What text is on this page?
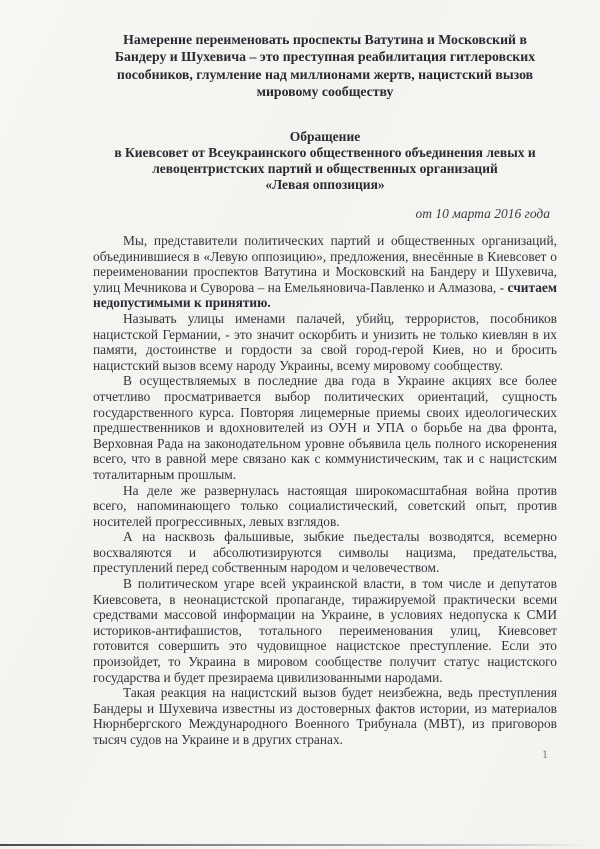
Намерение переименовать проспекты Ватутина и Московский в
Бандеру и Шухевича – это преступная реабилитация гитлеровских
пособников, глумление над миллионами жертв, нацистский вызов
мировому сообществу
Обращение
в Киевсовет от Всеукраинского общественного объединения левых и
левоцентристских партий и общественных организаций
«Левая оппозиция»
от 10 марта 2016 года

Мы, представители политических партий и общественных организаций, объединившиеся в «Левую оппозицию», предложения, внесённые в Киевсовет о переименовании проспектов Ватутина и Московский на Бандеру и Шухевича, улиц Мечникова и Суворова – на Емельяновича-Павленко и Алмазова, - считаем недопустимыми к принятию.

Называть улицы именами палачей, убийц, террористов, пособников нацистской Германии, - это значит оскорбить и унизить не только киевлян в их памяти, достоинстве и гордости за свой город-герой Киев, но и бросить нацистский вызов всему народу Украины, всему мировому сообществу.

В осуществляемых в последние два года в Украине акциях все более отчетливо просматривается выбор политических ориентаций, сущность государственного курса. Повторяя лицемерные приемы своих идеологических предшественников и вдохновителей из ОУН и УПА о борьбе на два фронта, Верховная Рада на законодательном уровне объявила цель полного искоренения всего, что в равной мере связано как с коммунистическим, так и с нацистским тоталитарным прошлым.

На деле же развернулась настоящая широкомасштабная война против всего, напоминающего только социалистический, советский опыт, против носителей прогрессивных, левых взглядов.

А на насквозь фальшивые, зыбкие пьедесталы возводятся, всемерно восхваляются и абсолютизируются символы нацизма, предательства, преступлений перед собственным народом и человечеством.

В политическом угаре всей украинской власти, в том числе и депутатов Киевсовета, в неонацистской пропаганде, тиражируемой практически всеми средствами массовой информации на Украине, в условиях недопуска к СМИ историков-антифашистов, тотального переименования улиц, Киевсовет готовится совершить это чудовищное нацистское преступление. Если это произойдет, то Украина в мировом сообществе получит статус нацистского государства и будет презираема цивилизованными народами.

Такая реакция на нацистский вызов будет неизбежна, ведь преступления Бандеры и Шухевича известны из достоверных фактов истории, из материалов Нюрнбергского Международного Военного Трибунала (МВТ), из приговоров тысяч судов на Украине и в других странах.

1
